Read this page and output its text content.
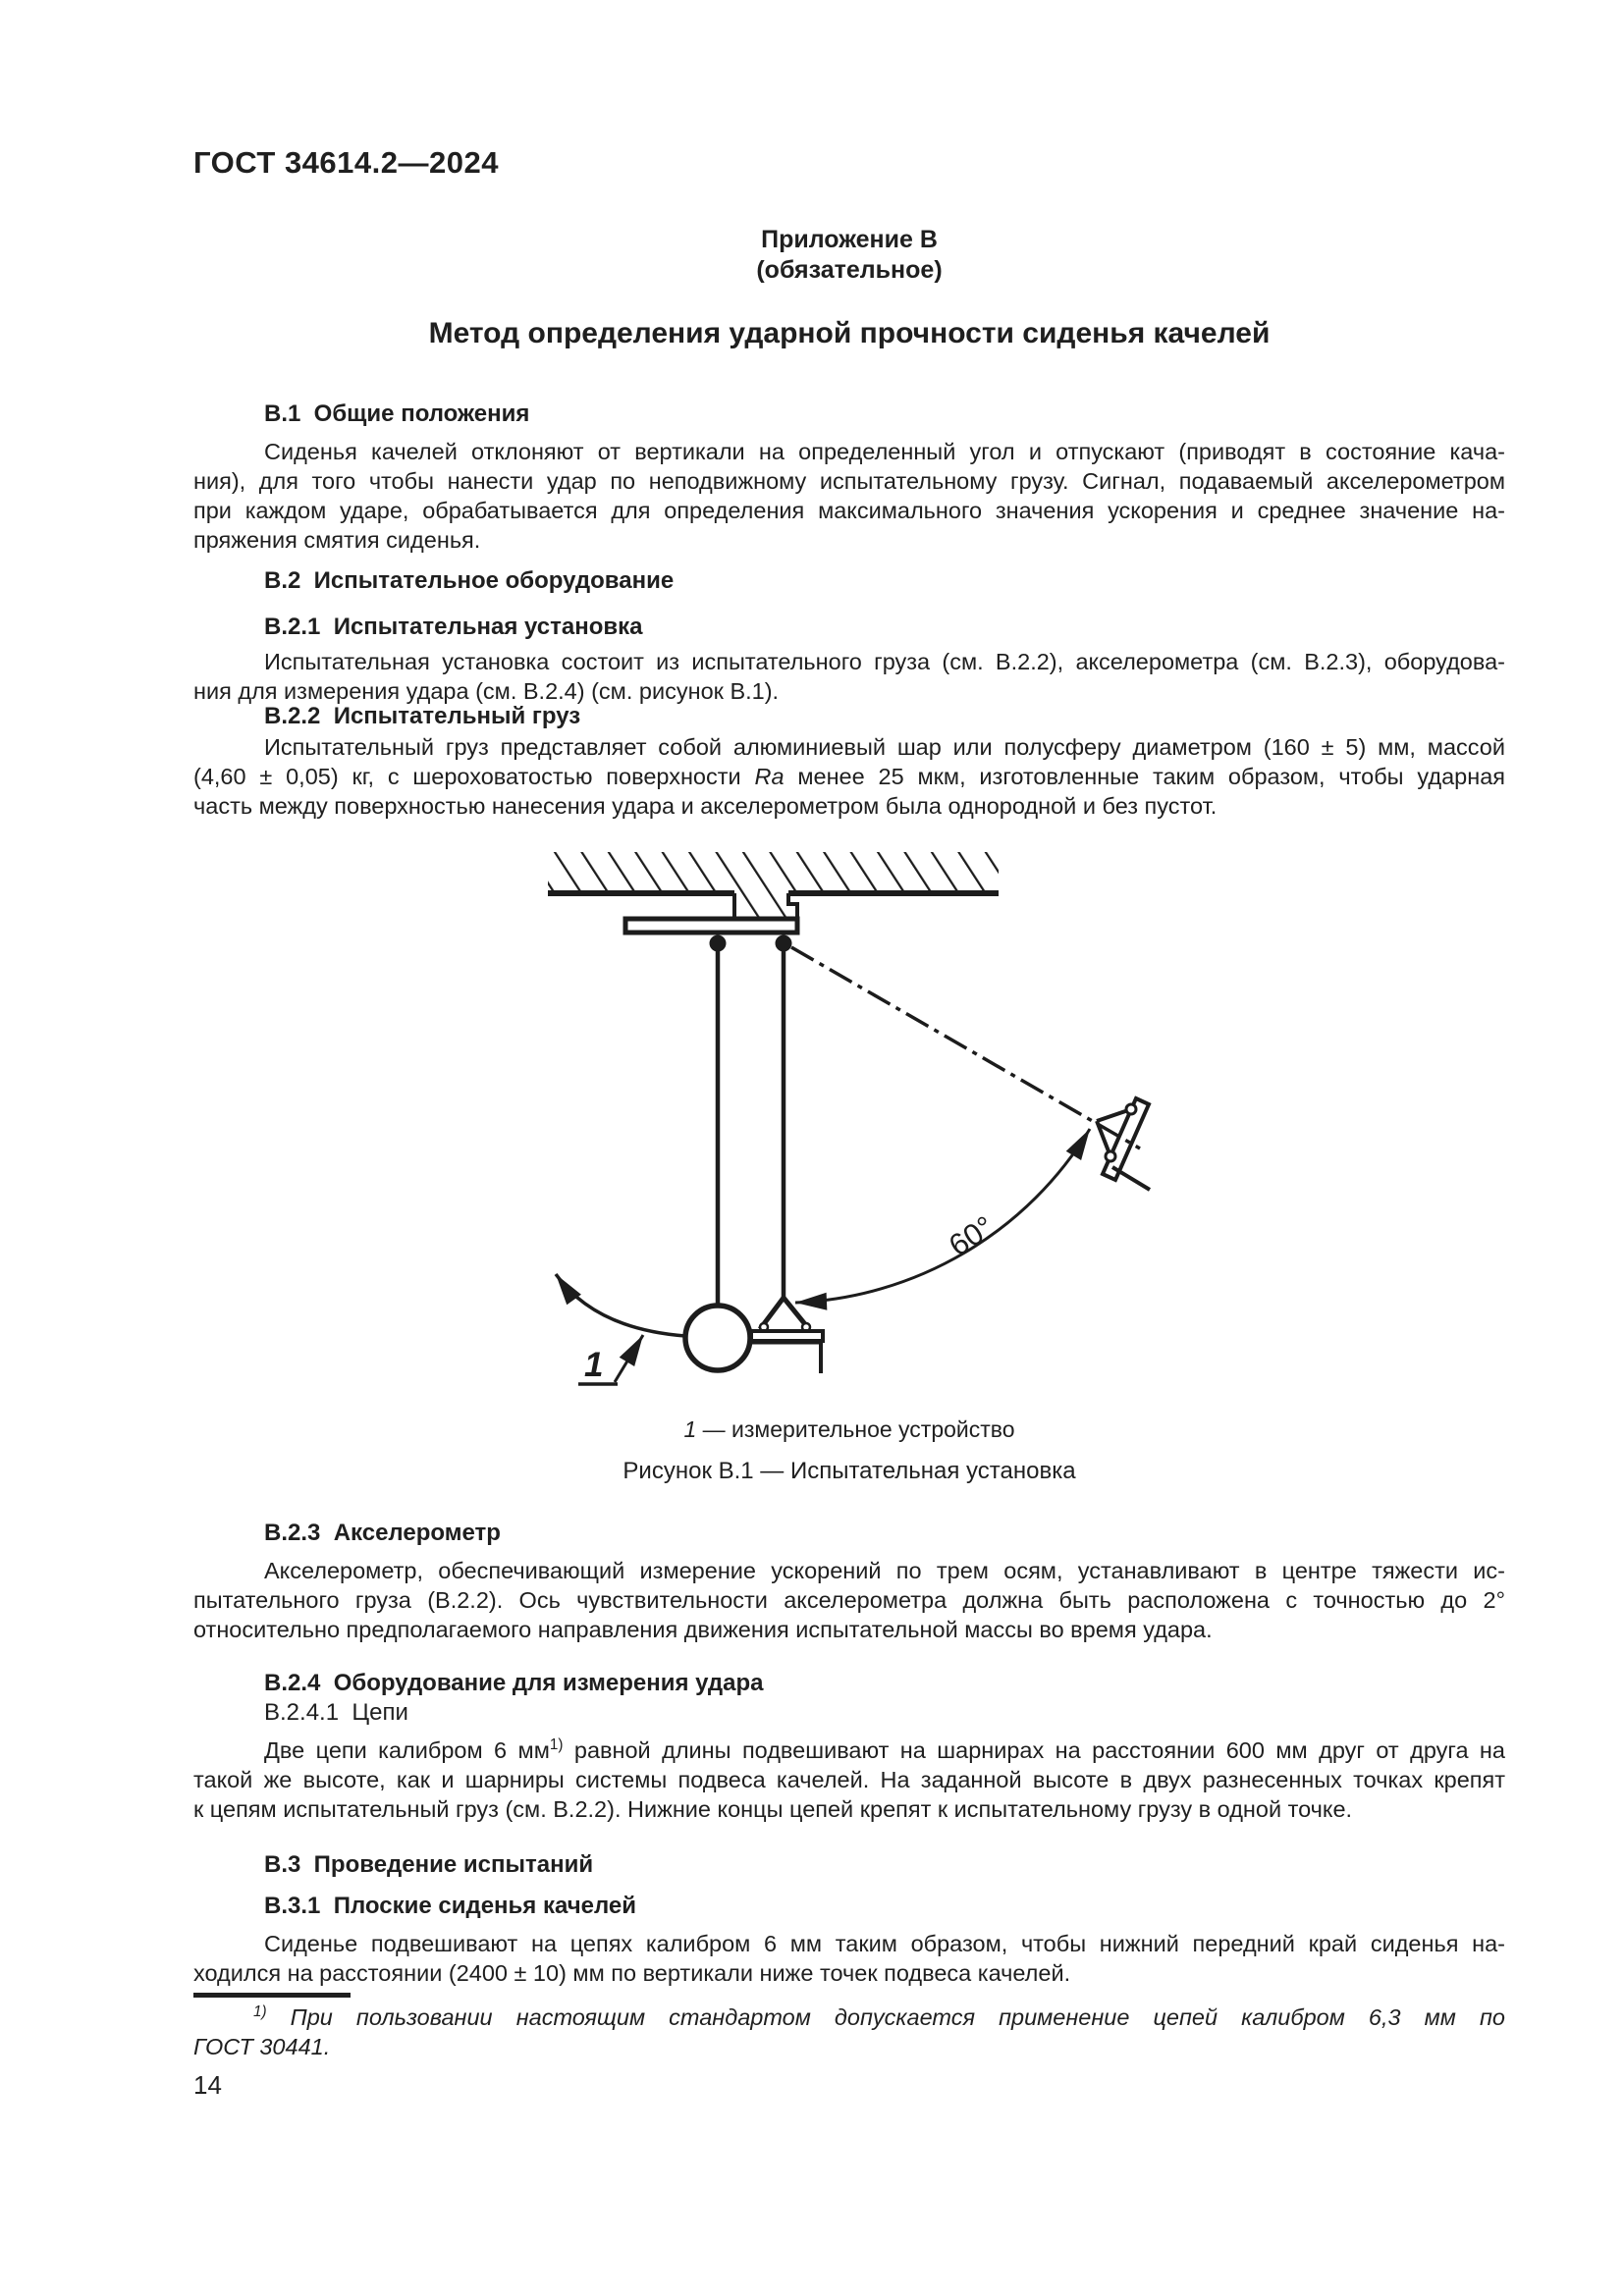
ГОСТ 34614.2—2024
Приложение В
(обязательное)
Метод определения ударной прочности сиденья качелей
В.1  Общие положения
Сиденья качелей отклоняют от вертикали на определенный угол и отпускают (приводят в состояние кача-
ния), для того чтобы нанести удар по неподвижному испытательному грузу. Сигнал, подаваемый акселерометром
при каждом ударе, обрабатывается для определения максимального значения ускорения и среднее значение на-
пряжения смятия сиденья.
В.2  Испытательное оборудование
В.2.1  Испытательная установка
Испытательная установка состоит из испытательного груза (см. В.2.2), акселерометра (см. В.2.3), оборудова-
ния для измерения удара (см. В.2.4) (см. рисунок В.1).
В.2.2  Испытательный груз
Испытательный груз представляет собой алюминиевый шар или полусферу диаметром (160 ± 5) мм, массой
(4,60 ± 0,05) кг, с шероховатостью поверхности Ra менее 25 мкм, изготовленные таким образом, чтобы ударная
часть между поверхностью нанесения удара и акселерометром была однородной и без пустот.
60°
1
1 — измерительное устройство
Рисунок В.1 — Испытательная установка
В.2.3  Акселерометр
Акселерометр, обеспечивающий измерение ускорений по трем осям, устанавливают в центре тяжести ис-
пытательного груза (В.2.2). Ось чувствительности акселерометра должна быть расположена с точностью до 2°
относительно предполагаемого направления движения испытательной массы во время удара.
В.2.4  Оборудование для измерения удара
В.2.4.1  Цепи
Две цепи калибром 6 $мм^{1)}$ равной длины подвешивают на шарнирах на расстоянии 600 мм друг от друга на
такой же высоте, как и шарниры системы подвеса качелей. На заданной высоте в двух разнесенных точках крепят
к цепям испытательный груз (см. В.2.2). Нижние концы цепей крепят к испытательному грузу в одной точке.
В.3  Проведение испытаний
В.3.1  Плоские сиденья качелей
Сиденье подвешивают на цепях калибром 6 мм таким образом, чтобы нижний передний край сиденья на-
ходился на расстоянии (2400 ± 10) мм по вертикали ниже точек подвеса качелей.
$^{1)}$ При пользовании настоящим стандартом допускается применение цепей калибром 6,3 мм по
ГОСТ 30441.
14
